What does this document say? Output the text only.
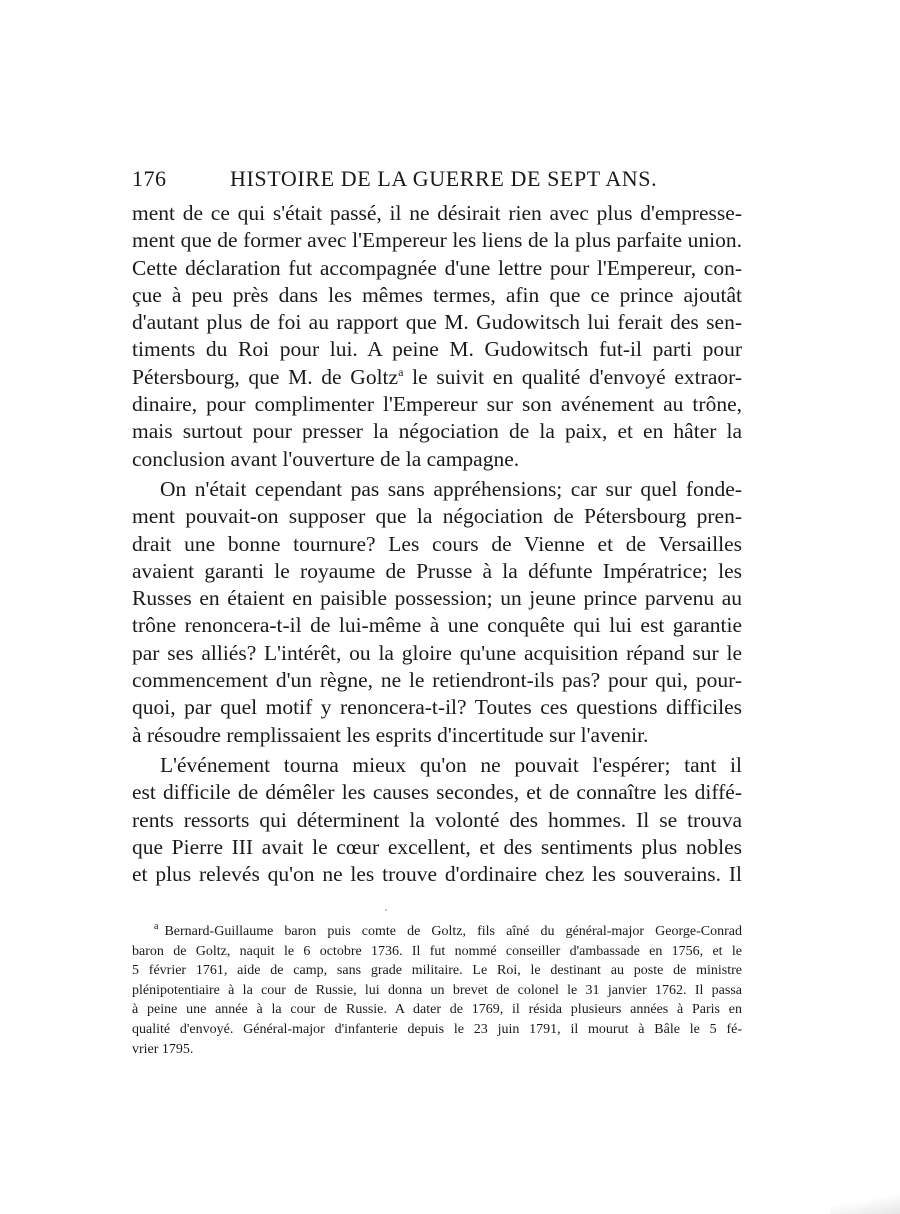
176	HISTOIRE DE LA GUERRE DE SEPT ANS.
ment de ce qui s'était passé, il ne désirait rien avec plus d'empresse-
ment que de former avec l'Empereur les liens de la plus parfaite union.
Cette déclaration fut accompagnée d'une lettre pour l'Empereur, con-
çue à peu près dans les mêmes termes, afin que ce prince ajoutât
d'autant plus de foi au rapport que M. Gudowitsch lui ferait des sen-
timents du Roi pour lui. A peine M. Gudowitsch fut-il parti pour
Pétersbourg, que M. de Goltz$^a$ le suivit en qualité d'envoyé extraor-
dinaire, pour complimenter l'Empereur sur son avénement au trône,
mais surtout pour presser la négociation de la paix, et en hâter la
conclusion avant l'ouverture de la campagne.
On n'était cependant pas sans appréhensions; car sur quel fonde-
ment pouvait-on supposer que la négociation de Pétersbourg pren-
drait une bonne tournure? Les cours de Vienne et de Versailles
avaient garanti le royaume de Prusse à la défunte Impératrice; les
Russes en étaient en paisible possession; un jeune prince parvenu au
trône renoncera-t-il de lui-même à une conquête qui lui est garantie
par ses alliés? L'intérêt, ou la gloire qu'une acquisition répand sur le
commencement d'un règne, ne le retiendront-ils pas? pour qui, pour-
quoi, par quel motif y renoncera-t-il? Toutes ces questions difficiles
à résoudre remplissaient les esprits d'incertitude sur l'avenir.
L'événement tourna mieux qu'on ne pouvait l'espérer; tant il
est difficile de démêler les causes secondes, et de connaître les diffé-
rents ressorts qui déterminent la volonté des hommes. Il se trouva
que Pierre III avait le cœur excellent, et des sentiments plus nobles
et plus relevés qu'on ne les trouve d'ordinaire chez les souverains. Il
$^a$ Bernard-Guillaume baron puis comte de Goltz, fils aîné du général-major George-Conrad
baron de Goltz, naquit le 6 octobre 1736. Il fut nommé conseiller d'ambassade en 1756, et le
5 février 1761, aide de camp, sans grade militaire. Le Roi, le destinant au poste de ministre
plénipotentiaire à la cour de Russie, lui donna un brevet de colonel le 31 janvier 1762. Il passa
à peine une année à la cour de Russie. A dater de 1769, il résida plusieurs années à Paris en
qualité d'envoyé. Général-major d'infanterie depuis le 23 juin 1791, il mourut à Bâle le 5 fé-
vrier 1795.
